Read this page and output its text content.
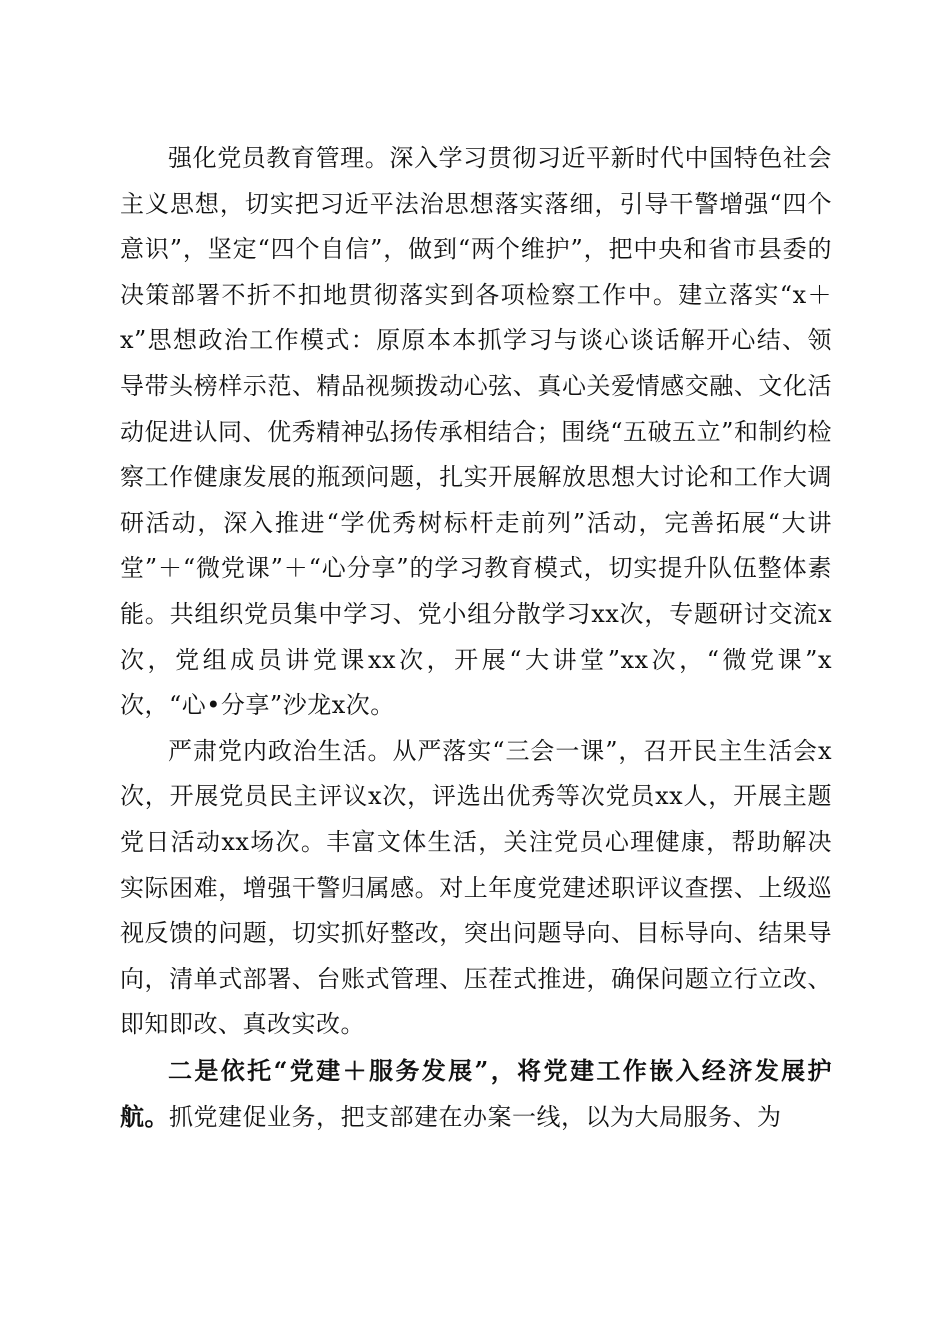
强化党员教育管理。深入学习贯彻习近平新时代中国特色社会主义思想，切实把习近平法治思想落实落细，引导干警增强“四个意识”，坚定“四个自信”，做到“两个维护”，把中央和省市县委的决策部署不折不扣地贯彻落实到各项检察工作中。建立落实“x＋x”思想政治工作模式：原原本本抓学习与谈心谈话解开心结、领导带头榜样示范、精品视频拨动心弦、真心关爱情感交融、文化活动促进认同、优秀精神弘扬传承相结合；围绕“五破五立”和制约检察工作健康发展的瓶颈问题，扎实开展解放思想大讨论和工作大调研活动，深入推进“学优秀树标杆走前列”活动，完善拓展“大讲堂”＋“微党课”＋“心分享”的学习教育模式，切实提升队伍整体素能。共组织党员集中学习、党小组分散学习xx次，专题研讨交流x次，党组成员讲党课xx次，开展“大讲堂”xx次，“微党课”x次，“心•分享”沙龙x次。

严肃党内政治生活。从严落实“三会一课”，召开民主生活会x次，开展党员民主评议x次，评选出优秀等次党员xx人，开展主题党日活动xx场次。丰富文体生活，关注党员心理健康，帮助解决实际困难，增强干警归属感。对上年度党建述职评议查摆、上级巡视反馈的问题，切实抓好整改，突出问题导向、目标导向、结果导向，清单式部署、台账式管理、压茬式推进，确保问题立行立改、即知即改、真改实改。

二是依托“党建＋服务发展”，将党建工作嵌入经济发展护航。抓党建促业务，把支部建在办案一线，以为大局服务、为
